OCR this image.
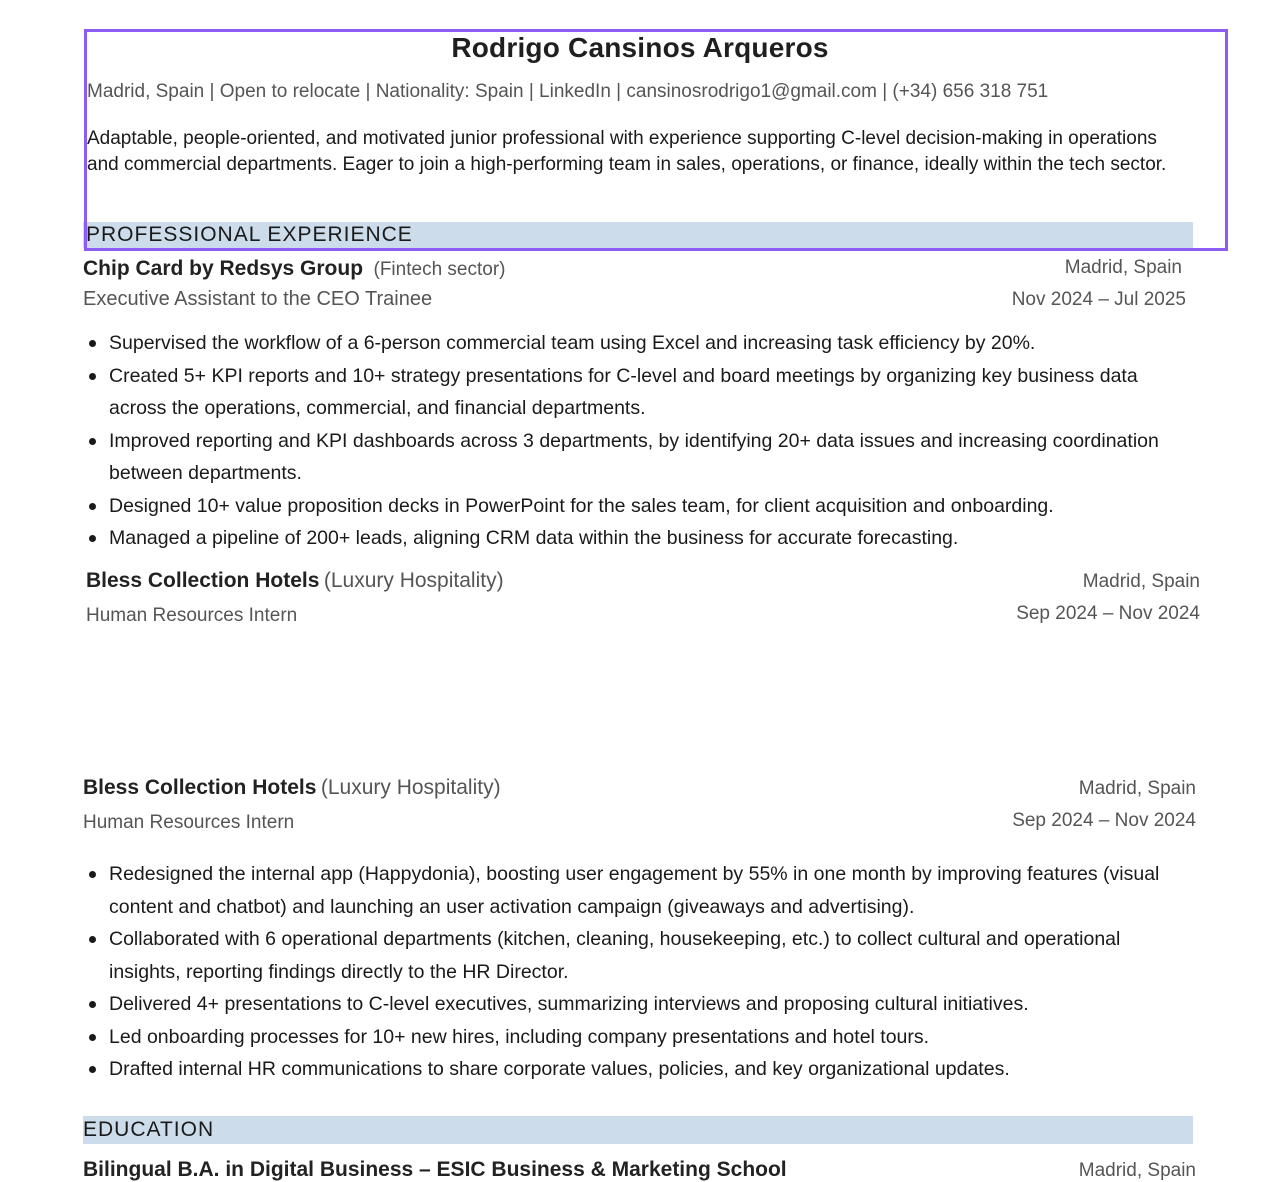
Rodrigo Cansinos Arqueros
Madrid, Spain | Open to relocate | Nationality: Spain | LinkedIn | cansinosrodrigo1@gmail.com | (+34) 656 318 751
Adaptable, people-oriented, and motivated junior professional with experience supporting C-level decision-making in operations and commercial departments. Eager to join a high-performing team in sales, operations, or finance, ideally within the tech sector.
PROFESSIONAL EXPERIENCE
Chip Card by Redsys Group (Fintech sector)	Madrid, Spain
Executive Assistant to the CEO Trainee	Nov 2024 – Jul 2025
Supervised the workflow of a 6-person commercial team using Excel and increasing task efficiency by 20%.
Created 5+ KPI reports and 10+ strategy presentations for C-level and board meetings by organizing key business data across the operations, commercial, and financial departments.
Improved reporting and KPI dashboards across 3 departments, by identifying 20+ data issues and increasing coordination between departments.
Designed 10+ value proposition decks in PowerPoint for the sales team, for client acquisition and onboarding.
Managed a pipeline of 200+ leads, aligning CRM data within the business for accurate forecasting.
Bless Collection Hotels (Luxury Hospitality)	Madrid, Spain
Human Resources Intern	Sep 2024 – Nov 2024
Bless Collection Hotels (Luxury Hospitality)	Madrid, Spain
Human Resources Intern	Sep 2024 – Nov 2024
Redesigned the internal app (Happydonia), boosting user engagement by 55% in one month by improving features (visual content and chatbot) and launching an user activation campaign (giveaways and advertising).
Collaborated with 6 operational departments (kitchen, cleaning, housekeeping, etc.) to collect cultural and operational insights, reporting findings directly to the HR Director.
Delivered 4+ presentations to C-level executives, summarizing interviews and proposing cultural initiatives.
Led onboarding processes for 10+ new hires, including company presentations and hotel tours.
Drafted internal HR communications to share corporate values, policies, and key organizational updates.
EDUCATION
Bilingual B.A. in Digital Business – ESIC Business & Marketing School	Madrid, Spain
